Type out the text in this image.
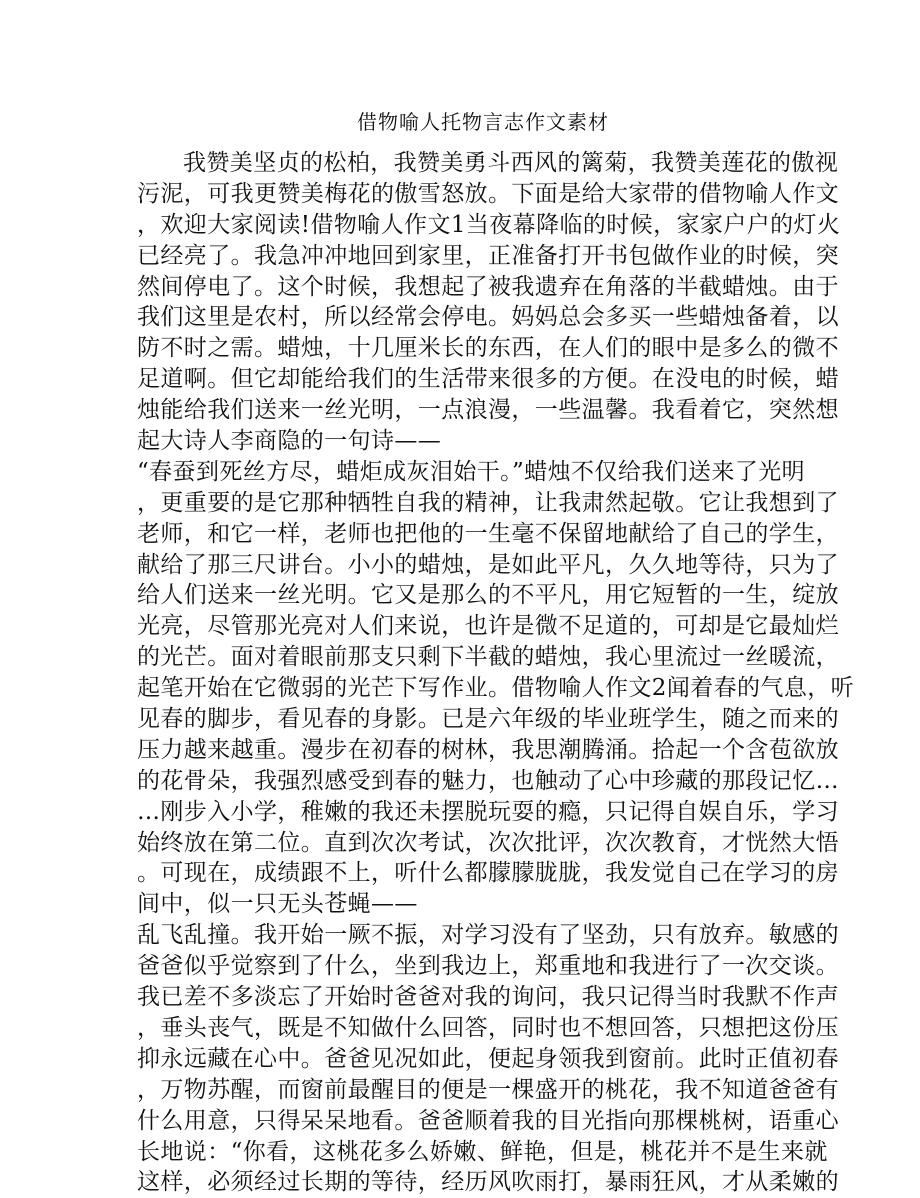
借物喻人托物言志作文素材
我赞美坚贞的松柏，我赞美勇斗西风的篱菊，我赞美莲花的傲视
污泥，可我更赞美梅花的傲雪怒放。下面是给大家带的借物喻人作文
，欢迎大家阅读!借物喻人作文1当夜幕降临的时候，家家户户的灯火
已经亮了。我急冲冲地回到家里，正准备打开书包做作业的时候，突
然间停电了。这个时候，我想起了被我遗弃在角落的半截蜡烛。由于
我们这里是农村，所以经常会停电。妈妈总会多买一些蜡烛备着，以
防不时之需。蜡烛，十几厘米长的东西，在人们的眼中是多么的微不
足道啊。但它却能给我们的生活带来很多的方便。在没电的时候，蜡
烛能给我们送来一丝光明，一点浪漫，一些温馨。我看着它，突然想
起大诗人李商隐的一句诗——
“春蚕到死丝方尽，蜡炬成灰泪始干。”蜡烛不仅给我们送来了光明
，更重要的是它那种牺牲自我的精神，让我肃然起敬。它让我想到了
老师，和它一样，老师也把他的一生毫不保留地献给了自己的学生，
献给了那三尺讲台。小小的蜡烛，是如此平凡，久久地等待，只为了
给人们送来一丝光明。它又是那么的不平凡，用它短暂的一生，绽放
光亮，尽管那光亮对人们来说，也许是微不足道的，可却是它最灿烂
的光芒。面对着眼前那支只剩下半截的蜡烛，我心里流过一丝暖流，
起笔开始在它微弱的光芒下写作业。借物喻人作文2闻着春的气息，听
见春的脚步，看见春的身影。已是六年级的毕业班学生，随之而来的
压力越来越重。漫步在初春的树林，我思潮腾涌。拾起一个含苞欲放
的花骨朵，我强烈感受到春的魅力，也触动了心中珍藏的那段记忆…
…刚步入小学，稚嫩的我还未摆脱玩耍的瘾，只记得自娱自乐，学习
始终放在第二位。直到次次考试，次次批评，次次教育，才恍然大悟
。可现在，成绩跟不上，听什么都朦朦胧胧，我发觉自己在学习的房
间中，似一只无头苍蝇——
乱飞乱撞。我开始一厥不振，对学习没有了坚劲，只有放弃。敏感的
爸爸似乎觉察到了什么，坐到我边上，郑重地和我进行了一次交谈。
我已差不多淡忘了开始时爸爸对我的询问，我只记得当时我默不作声
，垂头丧气，既是不知做什么回答，同时也不想回答，只想把这份压
抑永远藏在心中。爸爸见况如此，便起身领我到窗前。此时正值初春
，万物苏醒，而窗前最醒目的便是一棵盛开的桃花，我不知道爸爸有
什么用意，只得呆呆地看。爸爸顺着我的目光指向那棵桃树，语重心
长地说：“你看，这桃花多么娇嫩、鲜艳，但是，桃花并不是生来就
这样，必须经过长期的等待，经历风吹雨打，暴雨狂风，才从柔嫩的
